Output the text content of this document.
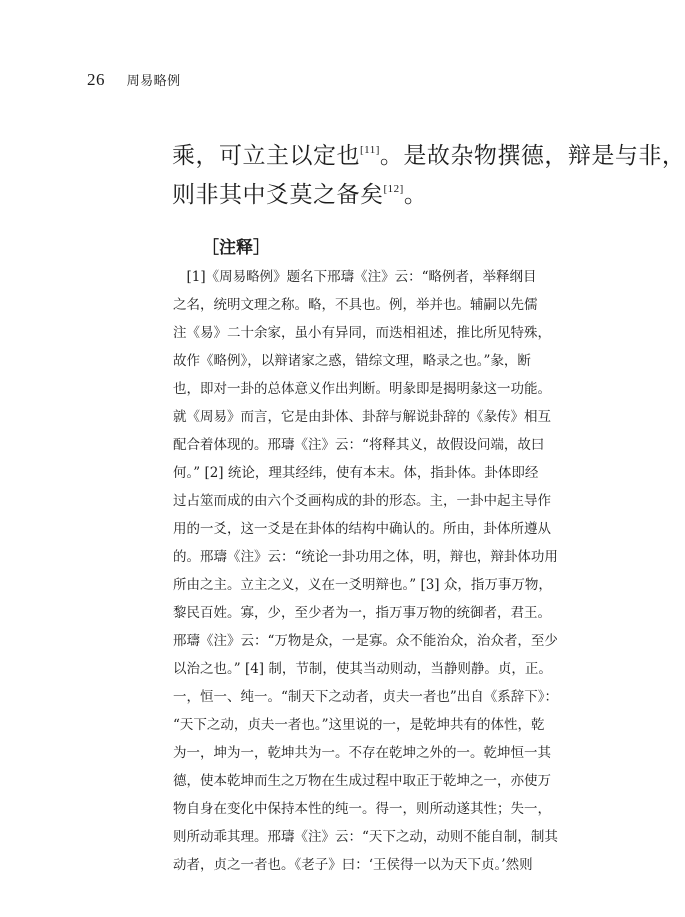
26 周易略例

乘，可立主以定也[11]。是故杂物撰德，辩是与非，

则非其中爻莫之备矣[12]。

［注释］

　[1]《周易略例》题名下邢璹《注》云：“略例者，举释纲目

之名，统明文理之称。略，不具也。例，举并也。辅嗣以先儒

注《易》二十余家，虽小有异同，而迭相祖述，推比所见特殊，

故作《略例》，以辩诸家之惑，错综文理，略录之也。”彖，断

也，即对一卦的总体意义作出判断。明彖即是揭明彖这一功能。

就《周易》而言，它是由卦体、卦辞与解说卦辞的《彖传》相互

配合着体现的。邢璹《注》云：“将释其义，故假设问端，故曰

何。” [2] 统论，理其经纬，使有本末。体，指卦体。卦体即经

过占筮而成的由六个爻画构成的卦的形态。主，一卦中起主导作

用的一爻，这一爻是在卦体的结构中确认的。所由，卦体所遵从

的。邢璹《注》云：“统论一卦功用之体，明，辩也，辩卦体功用

所由之主。立主之义，义在一爻明辩也。” [3] 众，指万事万物，

黎民百姓。寡，少，至少者为一，指万事万物的统御者，君王。

邢璹《注》云：“万物是众，一是寡。众不能治众，治众者，至少

以治之也。” [4] 制，节制，使其当动则动，当静则静。贞，正。

一，恒一、纯一。“制天下之动者，贞夫一者也”出自《系辞下》：

“天下之动，贞夫一者也。”这里说的一，是乾坤共有的体性，乾

为一，坤为一，乾坤共为一。不存在乾坤之外的一。乾坤恒一其

德，使本乾坤而生之万物在生成过程中取正于乾坤之一，亦使万

物自身在变化中保持本性的纯一。得一，则所动遂其性；失一，

则所动乖其理。邢璹《注》云：“天下之动，动则不能自制，制其

动者，贞之一者也。《老子》曰：‘王侯得一以为天下贞。’然则
